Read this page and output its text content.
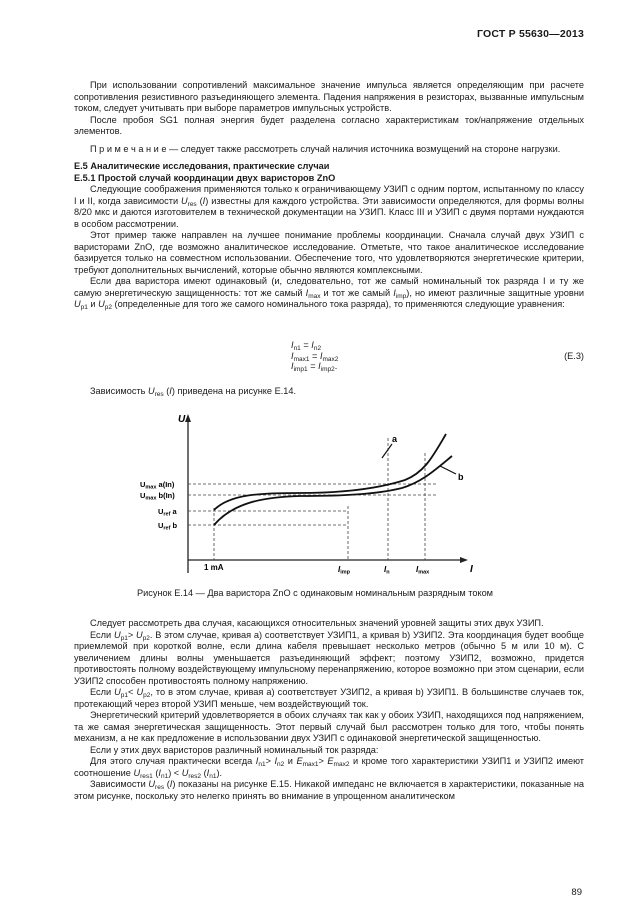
ГОСТ Р 55630—2013

При использовании сопротивлений максимальное значение импульса является определяющим при расчете сопротивления резистивного разъединяющего элемента. Падения напряжения в резисторах, вызванные импульсным током, следует учитывать при выборе параметров импульсных устройств.

После пробоя SG1 полная энергия будет разделена согласно характеристикам ток/напряжение отдельных элементов.

П р и м е ч а н и е — следует также рассмотреть случай наличия источника возмущений на стороне нагрузки.

Е.5 Аналитические исследования, практические случаи

Е.5.1 Простой случай координации двух варисторов ZnO

Следующие соображения применяются только к ограничивающему УЗИП с одним портом, испытанному по классу I и II, когда зависимости $U_{res}$ (I) известны для каждого устройства. Эти зависимости определяются, для формы волны 8/20 мкс и даются изготовителем в технической документации на УЗИП. Класс III и УЗИП с двумя портами нуждаются в особом рассмотрении.

Этот пример также направлен на лучшее понимание проблемы координации. Сначала случай двух УЗИП с варисторами ZnO, где возможно аналитическое исследование. Отметьте, что такое аналитическое исследование базируется только на совместном использовании. Обеспечение того, что удовлетворяются энергетические критерии, требуют дополнительных вычислений, которые обычно являются комплексными.

Если два варистора имеют одинаковый (и, следовательно, тот же самый номинальный ток разряда I и ту же самую энергетическую защищенность: тот же самый $I_{max}$ и тот же самый $I_{imp}$), но имеют различные защитные уровни $U_{p1}$ и $U_{p2}$ (определенные для того же самого номинального тока разряда), то применяются следующие уравнения:

$I_{n1} = I_{n2}$
$I_{max1} = I_{max2}$
$I_{imp1} = I_{imp2}$.
(E.3)

Зависимость $U_{res}$ (I) приведена на рисунке Е.14.

U
I
a
b
$U_{max}$ a(In)
$U_{max}$ b(In)
$U_{ref}$ a
$U_{ref}$ b
1 mA	Iimp	In	Imax
Рисунок Е.14 — Два варистора ZnO с одинаковым номинальным разрядным током

Следует рассмотреть два случая, касающихся относительных значений уровней защиты этих двух УЗИП.

Если $U_{p1}> U_{p2}$. В этом случае, кривая а) соответствует УЗИП1, а кривая b) УЗИП2. Эта координация будет вообще приемлемой при короткой волне, если длина кабеля превышает несколько метров (обычно 5 м или 10 м). С увеличением длины волны уменьшается разъединяющий эффект; поэтому УЗИП2, возможно, придется противостоять полному воздействующему импульсному перенапряжению, которое возможно при этом сценарии, если УЗИП2 способен противостоять полному напряжению.

Если $U_{p1}< U_{p2}$, то в этом случае, кривая а) соответствует УЗИП2, а кривая b) УЗИП1. В большинстве случаев ток, протекающий через второй УЗИП меньше, чем воздействующий ток.

Энергетический критерий удовлетворяется в обоих случаях так как у обоих УЗИП, находящихся под напряжением, та же самая энергетическая защищенность. Этот первый случай был рассмотрен только для того, чтобы понять механизм, а не как предложение в использовании двух УЗИП с одинаковой энергетической защищенностью.

Если у этих двух варисторов различный номинальный ток разряда:

Для этого случая практически всегда $I_{n1}> I_{n2}$ и $E_{max1}> E_{max2}$ и кроме того характеристики УЗИП1 и УЗИП2 имеют соотношение $U_{res1}$ $(I_{n1}) < U_{res2}$ $(I_{n1})$.

Зависимости $U_{res}$ (I) показаны на рисунке Е.15. Никакой импеданс не включается в характеристики, показанные на этом рисунке, поскольку это нелегко принять во внимание в упрощенном аналитическом

89
